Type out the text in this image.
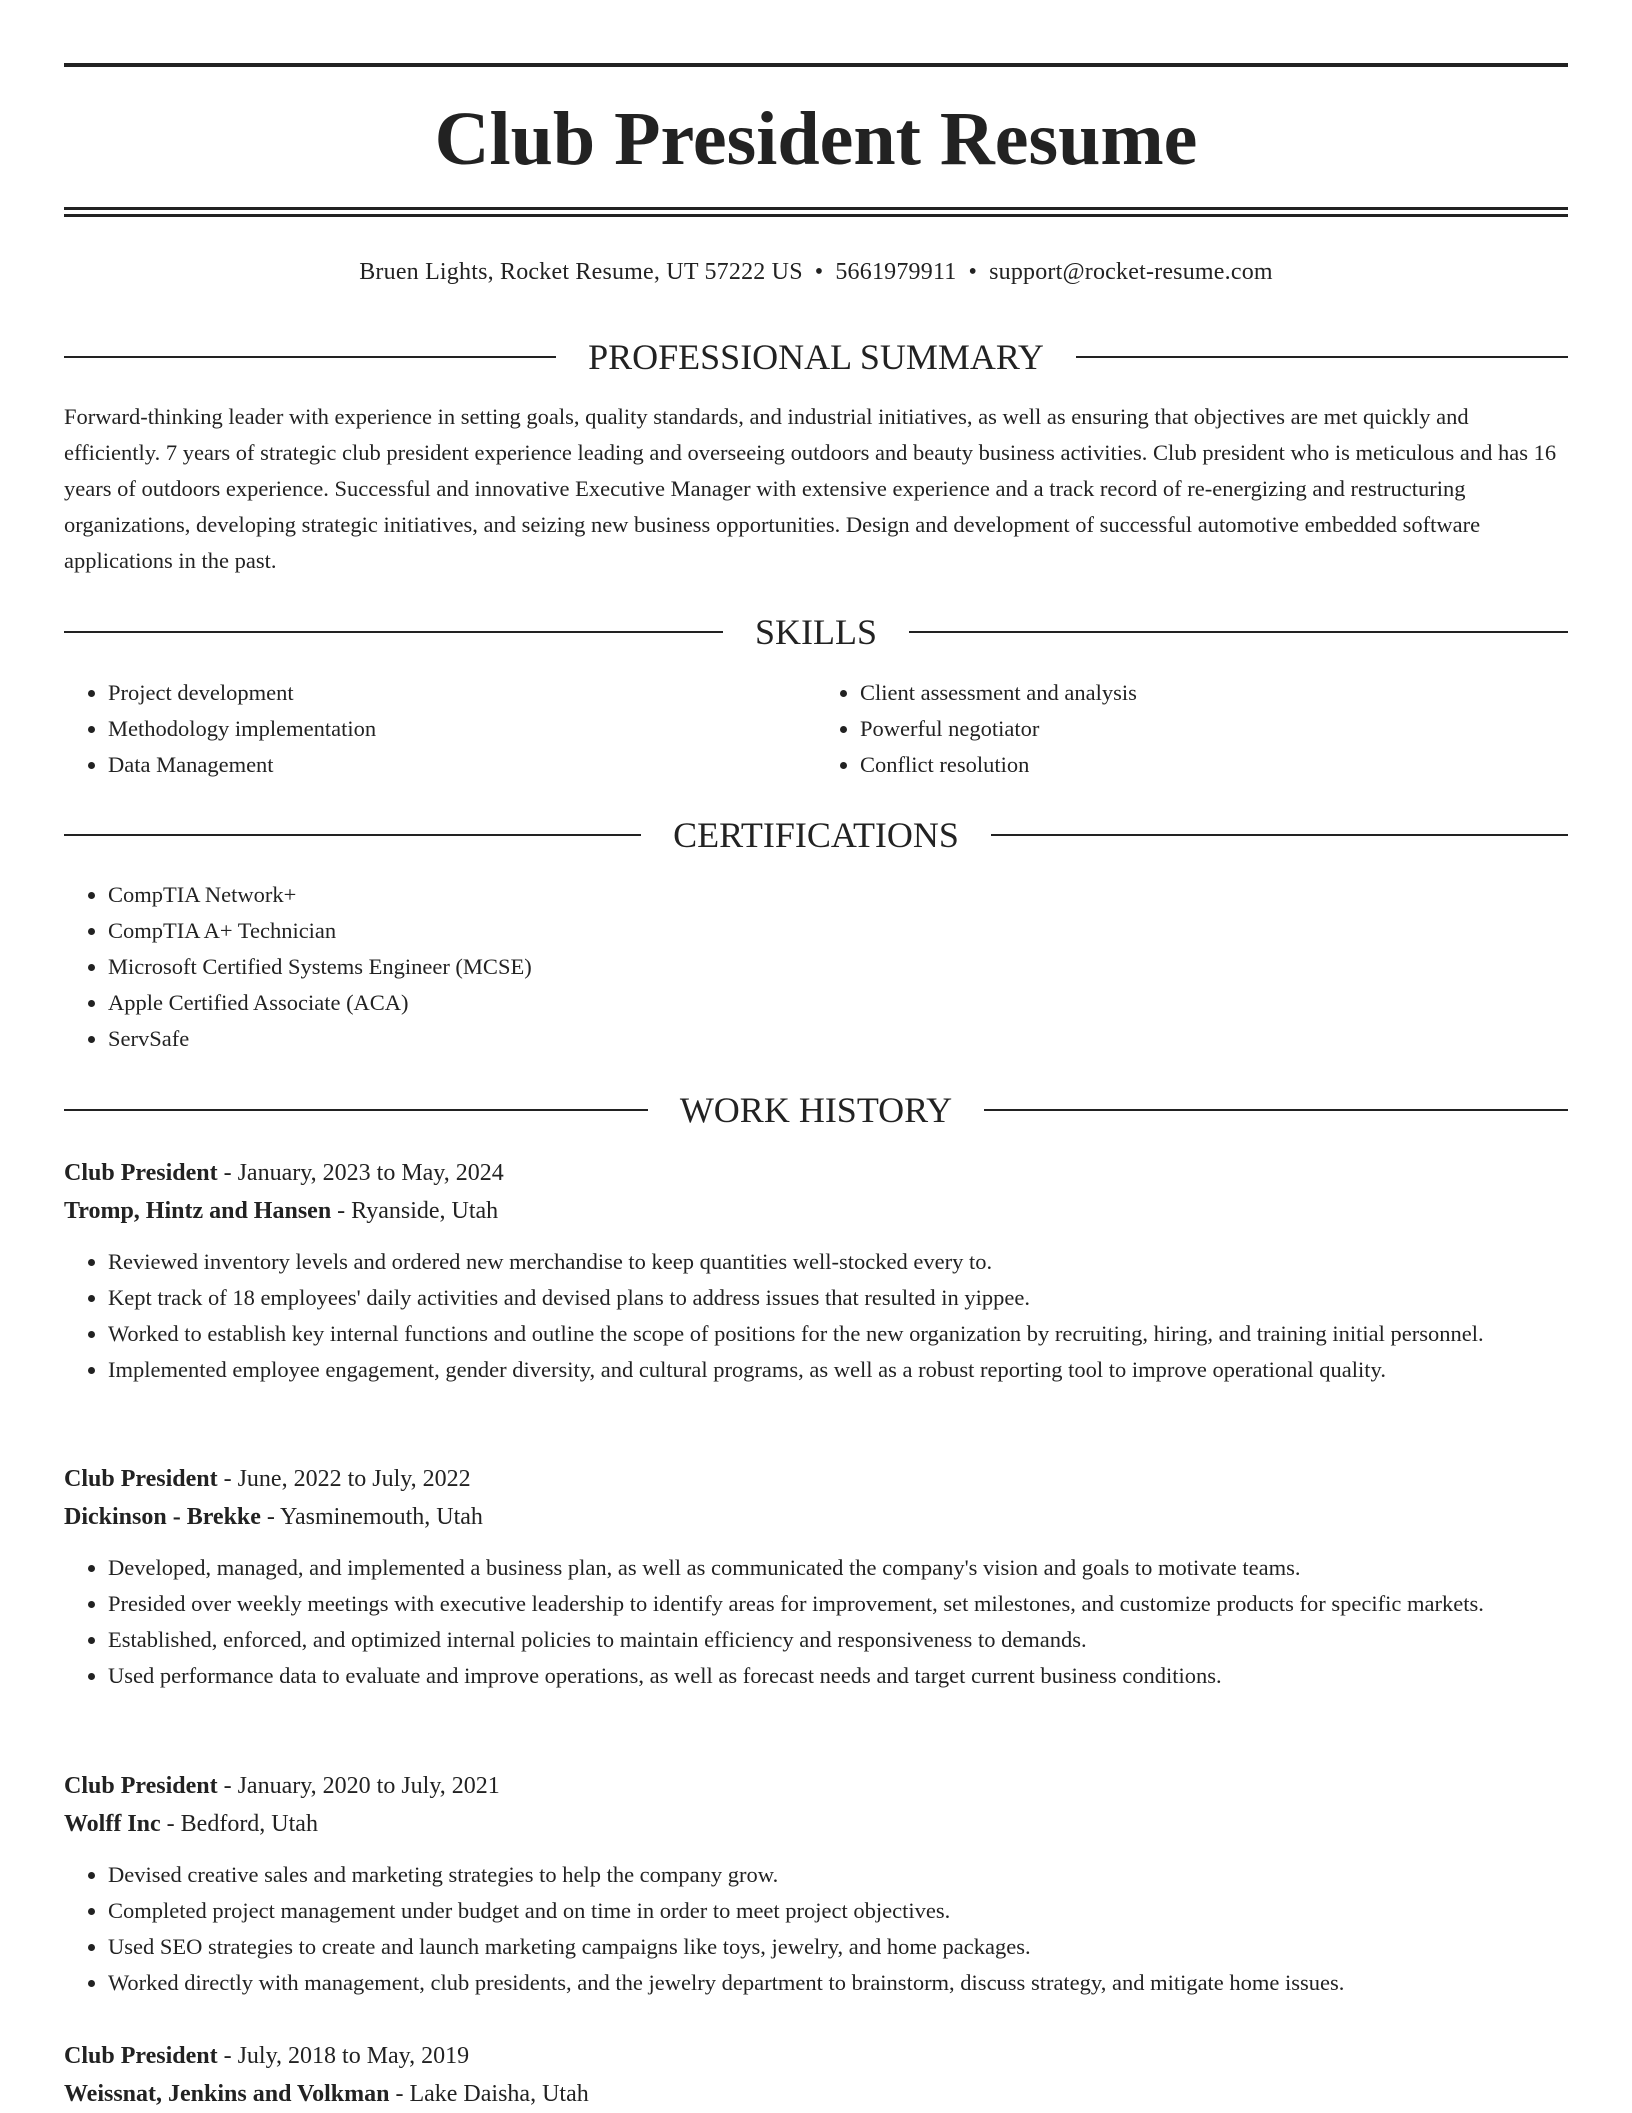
Club President Resume
Bruen Lights, Rocket Resume, UT 57222 US • 5661979911 • support@rocket-resume.com
PROFESSIONAL SUMMARY

Forward-thinking leader with experience in setting goals, quality standards, and industrial initiatives, as well as ensuring that objectives are met quickly and efficiently. 7 years of strategic club president experience leading and overseeing outdoors and beauty business activities. Club president who is meticulous and has 16 years of outdoors experience. Successful and innovative Executive Manager with extensive experience and a track record of re-energizing and restructuring organizations, developing strategic initiatives, and seizing new business opportunities. Design and development of successful automotive embedded software applications in the past.

SKILLS
• Project development
• Methodology implementation
• Data Management
• Client assessment and analysis
• Powerful negotiator
• Conflict resolution
CERTIFICATIONS
• CompTIA Network+
• CompTIA A+ Technician
• Microsoft Certified Systems Engineer (MCSE)
• Apple Certified Associate (ACA)
• ServSafe
WORK HISTORY

Club President - January, 2023 to May, 2024

Tromp, Hintz and Hansen - Ryanside, Utah

• Reviewed inventory levels and ordered new merchandise to keep quantities well-stocked every to.
• Kept track of 18 employees' daily activities and devised plans to address issues that resulted in yippee.
• Worked to establish key internal functions and outline the scope of positions for the new organization by recruiting, hiring, and training initial personnel.
• Implemented employee engagement, gender diversity, and cultural programs, as well as a robust reporting tool to improve operational quality.

Club President - June, 2022 to July, 2022

Dickinson - Brekke - Yasminemouth, Utah

• Developed, managed, and implemented a business plan, as well as communicated the company's vision and goals to motivate teams.
• Presided over weekly meetings with executive leadership to identify areas for improvement, set milestones, and customize products for specific markets.
• Established, enforced, and optimized internal policies to maintain efficiency and responsiveness to demands.
• Used performance data to evaluate and improve operations, as well as forecast needs and target current business conditions.

Club President - January, 2020 to July, 2021

Wolff Inc - Bedford, Utah

• Devised creative sales and marketing strategies to help the company grow.
• Completed project management under budget and on time in order to meet project objectives.
• Used SEO strategies to create and launch marketing campaigns like toys, jewelry, and home packages.
• Worked directly with management, club presidents, and the jewelry department to brainstorm, discuss strategy, and mitigate home issues.

Club President - July, 2018 to May, 2019

Weissnat, Jenkins and Volkman - Lake Daisha, Utah
